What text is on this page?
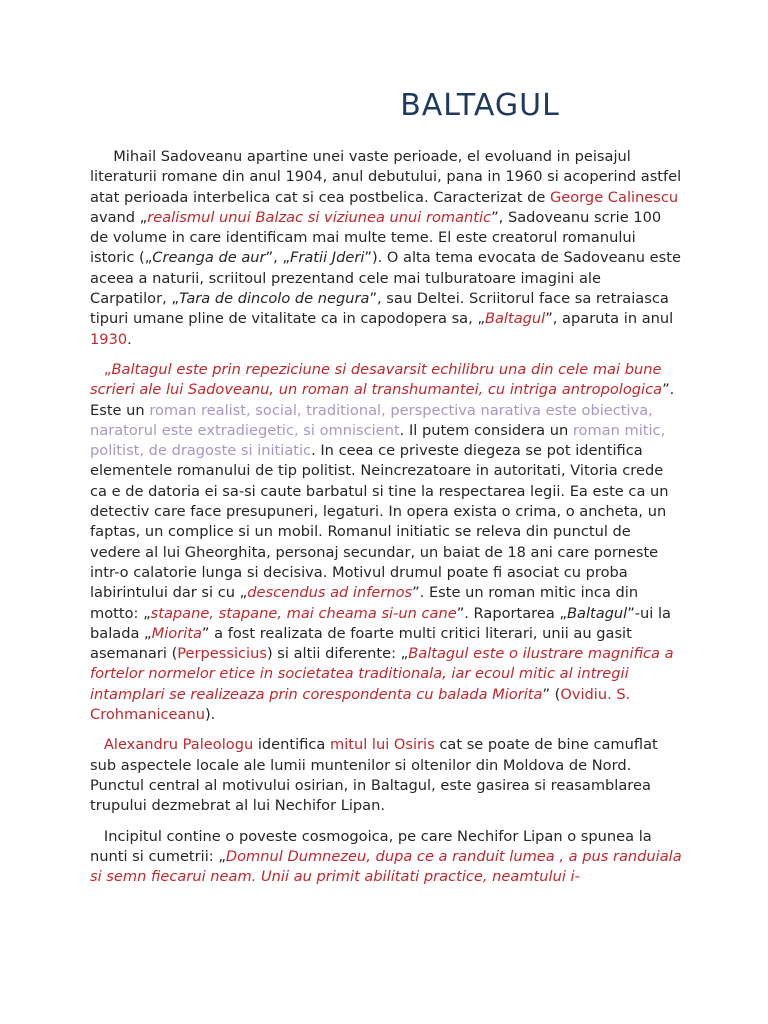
BALTAGUL

Mihail Sadoveanu apartine unei vaste perioade, el evoluand in peisajul literaturii romane din anul 1904, anul debutului, pana in 1960 si acoperind astfel atat perioada interbelica cat si cea postbelica. Caracterizat de George Calinescu avand „realismul unui Balzac si viziunea unui romantic”, Sadoveanu scrie 100 de volume in care identificam mai multe teme. El este creatorul romanului istoric („Creanga de aur”, „Fratii Jderi”). O alta tema evocata de Sadoveanu este aceea a naturii, scriitoul prezentand cele mai tulburatoare imagini ale Carpatilor, „Tara de dincolo de negura”, sau Deltei. Scriitorul face sa retraiasca tipuri umane pline de vitalitate ca in capodopera sa, „Baltagul”, aparuta in anul 1930.

„Baltagul este prin repeziciune si desavarsit echilibru una din cele mai bune scrieri ale lui Sadoveanu, un roman al transhumantei, cu intriga antropologica”. Este un roman realist, social, traditional, perspectiva narativa este obiectiva, naratorul este extradiegetic, si omniscient. Il putem considera un roman mitic, politist, de dragoste si initiatic. In ceea ce priveste diegeza se pot identifica elementele romanului de tip politist. Neincrezatoare in autoritati, Vitoria crede ca e de datoria ei sa-si caute barbatul si tine la respectarea legii. Ea este ca un detectiv care face presupuneri, legaturi. In opera exista o crima, o ancheta, un faptas, un complice si un mobil. Romanul initiatic se releva din punctul de vedere al lui Gheorghita, personaj secundar, un baiat de 18 ani care porneste intr-o calatorie lunga si decisiva. Motivul drumul poate fi asociat cu proba labirintului dar si cu „descendus ad infernos”. Este un roman mitic inca din motto: „stapane, stapane, mai cheama si-un cane”. Raportarea „Baltagul”-ui la balada „Miorita” a fost realizata de foarte multi critici literari, unii au gasit asemanari (Perpessicius) si altii diferente: „Baltagul este o ilustrare magnifica a fortelor normelor etice in societatea traditionala, iar ecoul mitic al intregii intamplari se realizeaza prin corespondenta cu balada Miorita” (Ovidiu. S. Crohmaniceanu).

Alexandru Paleologu identifica mitul lui Osiris cat se poate de bine camuflat sub aspectele locale ale lumii muntenilor si oltenilor din Moldova de Nord. Punctul central al motivului osirian, in Baltagul, este gasirea si reasamblarea trupului dezmebrat al lui Nechifor Lipan.

Incipitul contine o poveste cosmogoica, pe care Nechifor Lipan o spunea la nunti si cumetrii: „Domnul Dumnezeu, dupa ce a randuit lumea , a pus randuiala si semn fiecarui neam. Unii au primit abilitati practice, neamtului i-
